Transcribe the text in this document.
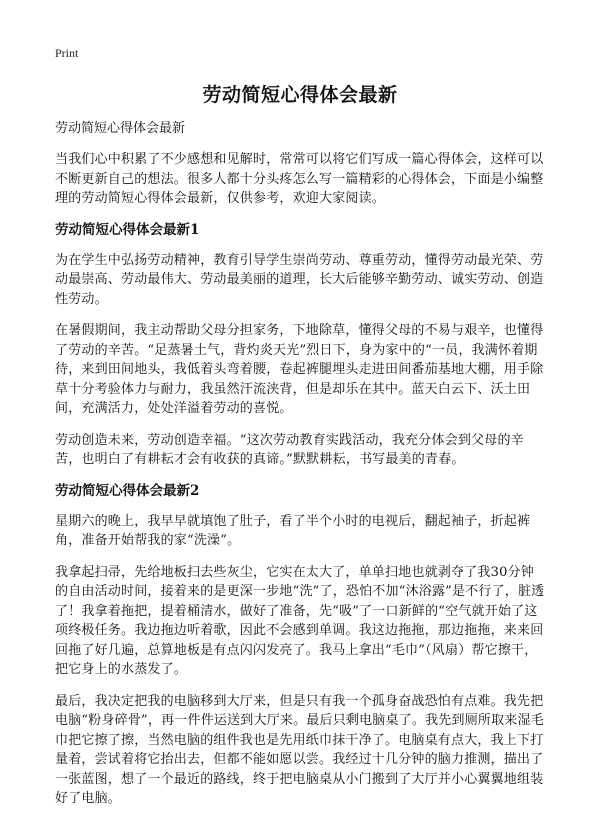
Print
劳动简短心得体会最新
劳动简短心得体会最新

当我们心中积累了不少感想和见解时，常常可以将它们写成一篇心得体会，这样可以不断更新自己的想法。很多人都十分头疼怎么写一篇精彩的心得体会，下面是小编整理的劳动简短心得体会最新，仅供参考，欢迎大家阅读。

劳动简短心得体会最新1

为在学生中弘扬劳动精神，教育引导学生崇尚劳动、尊重劳动，懂得劳动最光荣、劳动最崇高、劳动最伟大、劳动最美丽的道理，长大后能够辛勤劳动、诚实劳动、创造性劳动。

在暑假期间，我主动帮助父母分担家务，下地除草，懂得父母的不易与艰辛，也懂得了劳动的辛苦。“足蒸暑土气，背灼炎天光”烈日下，身为家中的“一员，我满怀着期待，来到田间地头，我低着头弯着腰，卷起裤腿埋头走进田间番茄基地大棚，用手除草十分考验体力与耐力，我虽然汗流浃背，但是却乐在其中。蓝天白云下、沃土田间，充满活力，处处洋溢着劳动的喜悦。

劳动创造未来，劳动创造幸福。“这次劳动教育实践活动，我充分体会到父母的辛苦，也明白了有耕耘才会有收获的真谛。”默默耕耘，书写最美的青春。

劳动简短心得体会最新2

星期六的晚上，我早早就填饱了肚子，看了半个小时的电视后，翻起袖子，折起裤角，准备开始帮我的家“洗澡”。

我拿起扫帚，先给地板扫去些灰尘，它实在太大了，单单扫地也就剥夺了我30分钟的自由活动时间，接着来的是更深一步地“洗”了，恐怕不加“沐浴露”是不行了，脏透了！我拿着拖把，提着桶清水，做好了准备，先“吸”了一口新鲜的“空气就开始了这项终极任务。我边拖边听着歌，因此不会感到单调。我这边拖拖，那边拖拖，来来回回拖了好几遍，总算地板是有点闪闪发亮了。我马上拿出“毛巾”（风扇）帮它擦干，把它身上的水蒸发了。

最后，我决定把我的电脑移到大厅来，但是只有我一个孤身奋战恐怕有点难。我先把电脑“粉身碎骨”，再一件件运送到大厅来。最后只剩电脑桌了。我先到厕所取来湿毛巾把它擦了擦，当然电脑的组件我也是先用纸巾抹干净了。电脑桌有点大，我上下打量着，尝试着将它抬出去，但都不能如愿以尝。我经过十几分钟的脑力推测，描出了一张蓝图，想了一个最近的路线，终于把电脑桌从小门搬到了大厅并小心翼翼地组装好了电脑。
